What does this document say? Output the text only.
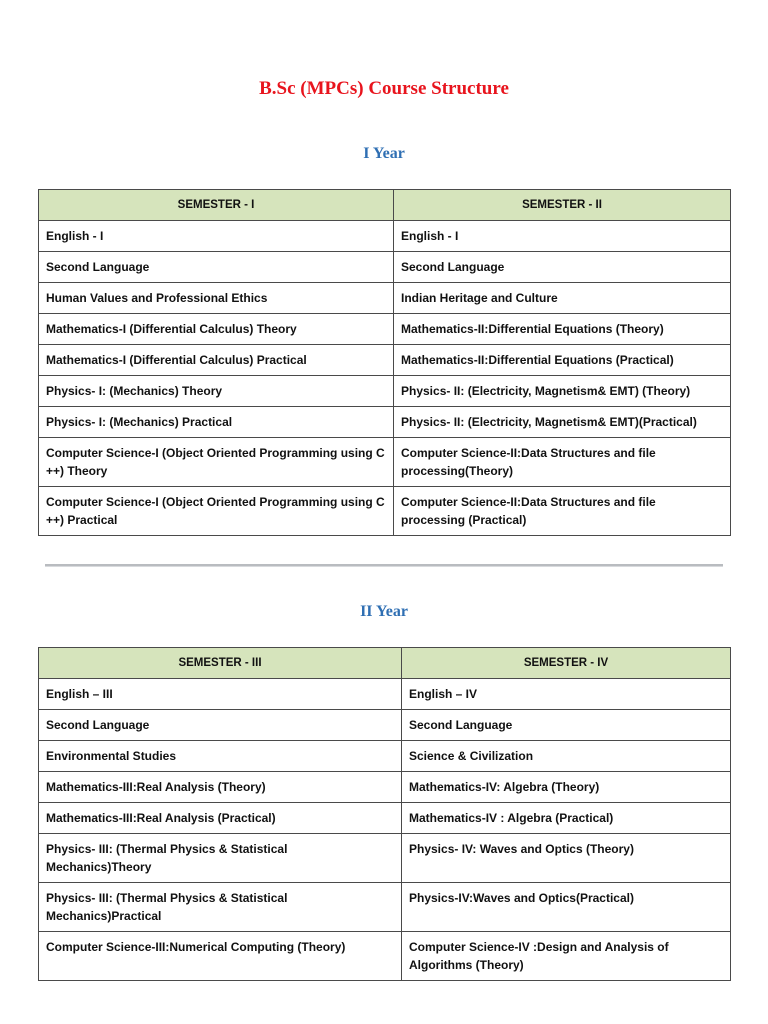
B.Sc (MPCs) Course Structure
I Year
SEMESTER - I	SEMESTER - II
English - I	English - I
Second Language	Second Language
Human Values and Professional Ethics	Indian Heritage and Culture
Mathematics-I (Differential Calculus) Theory	Mathematics-II:Differential Equations (Theory)
Mathematics-I (Differential Calculus) Practical	Mathematics-II:Differential Equations (Practical)
Physics- I: (Mechanics) Theory	Physics- II: (Electricity, Magnetism& EMT) (Theory)
Physics- I: (Mechanics) Practical	Physics- II: (Electricity, Magnetism& EMT)(Practical)
Computer Science-I (Object Oriented Programming using C ++) Theory	Computer Science-II:Data Structures and file processing(Theory)
Computer Science-I (Object Oriented Programming using C ++) Practical	Computer Science-II:Data Structures and file processing (Practical)
II Year
SEMESTER - III	SEMESTER - IV
English – III	English – IV
Second Language	Second Language
Environmental Studies	Science & Civilization
Mathematics-III:Real Analysis (Theory)	Mathematics-IV: Algebra (Theory)
Mathematics-III:Real Analysis (Practical)	Mathematics-IV : Algebra (Practical)
Physics- III: (Thermal Physics & Statistical Mechanics)Theory	Physics- IV: Waves and Optics (Theory)
Physics- III: (Thermal Physics & Statistical Mechanics)Practical	Physics-IV:Waves and Optics(Practical)
Computer Science-III:Numerical Computing (Theory)	Computer Science-IV :Design and Analysis of Algorithms (Theory)
